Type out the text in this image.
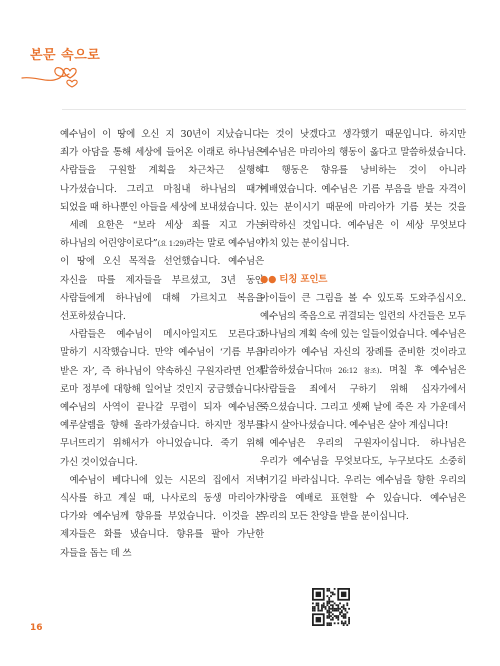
본문 속으로

예수님이 이 땅에 오신 지 30년이 지났습니다. 죄가 아담을 통해 세상에 들어온 이래로 하나님은 사람들을 구원할 계획을 차근차근 실행해 나가셨습니다. 그리고 마침내 하나님의 때가 되었을 때 하나뿐인 아들을 세상에 보내셨습니다.

세례 요한은 “보라 세상 죄를 지고 가는 하나님의 어린양이로다”(요 1:29)라는 말로 예수님이 이 땅에 오신 목적을 선언했습니다. 예수님은 자신을 따를 제자들을 부르셨고, 3년 동안 사람들에게 하나님에 대해 가르치고 복음을 선포하셨습니다.

사람들은 예수님이 메시아일지도 모른다고 말하기 시작했습니다. 만약 예수님이 ‘기름 부음 받은 자’, 즉 하나님이 약속하신 구원자라면 언제 로마 정부에 대항해 일어날 것인지 궁금했습니다. 예수님의 사역이 끝나갈 무렵이 되자 예수님은 예루살렘을 향해 올라가셨습니다. 하지만 정부를 무너뜨리기 위해서가 아니었습니다. 죽기 위해 가신 것이었습니다.

예수님이 베다니에 있는 시몬의 집에서 저녁 식사를 하고 계실 때, 나사로의 동생 마리아가 다가와 예수님께 향유를 부었습니다. 이것을 본 제자들은 화를 냈습니다. 향유를 팔아 가난한 자들을 돕는 데 쓰

는 것이 낫겠다고 생각했기 때문입니다. 하지만 예수님은 마리아의 행동이 옳다고 말씀하셨습니다. 그 행동은 향유를 낭비하는 것이 아니라 예배였습니다. 예수님은 기름 부음을 받을 자격이 있는 분이시기 때문에 마리아가 기름 붓는 것을 허락하신 것입니다. 예수님은 이 세상 무엇보다 가치 있는 분이십니다.

●● 티칭 포인트

아이들이 큰 그림을 볼 수 있도록 도와주십시오. 예수님의 죽음으로 귀결되는 일련의 사건들은 모두 하나님의 계획 속에 있는 일들이었습니다. 예수님은 마리아가 예수님 자신의 장례를 준비한 것이라고 말씀하셨습니다(마 26:12 참조). 며칠 후 예수님은 사람들을 죄에서 구하기 위해 십자가에서 죽으셨습니다. 그리고 셋째 날에 죽은 자 가운데서 다시 살아나셨습니다. 예수님은 살아 계십니다!

예수님은 우리의 구원자이십니다. 하나님은 우리가 예수님을 무엇보다도, 누구보다도 소중히 여기길 바라십니다. 우리는 예수님을 향한 우리의 사랑을 예배로 표현할 수 있습니다. 예수님은 우리의 모든 찬양을 받을 분이십니다.

16
